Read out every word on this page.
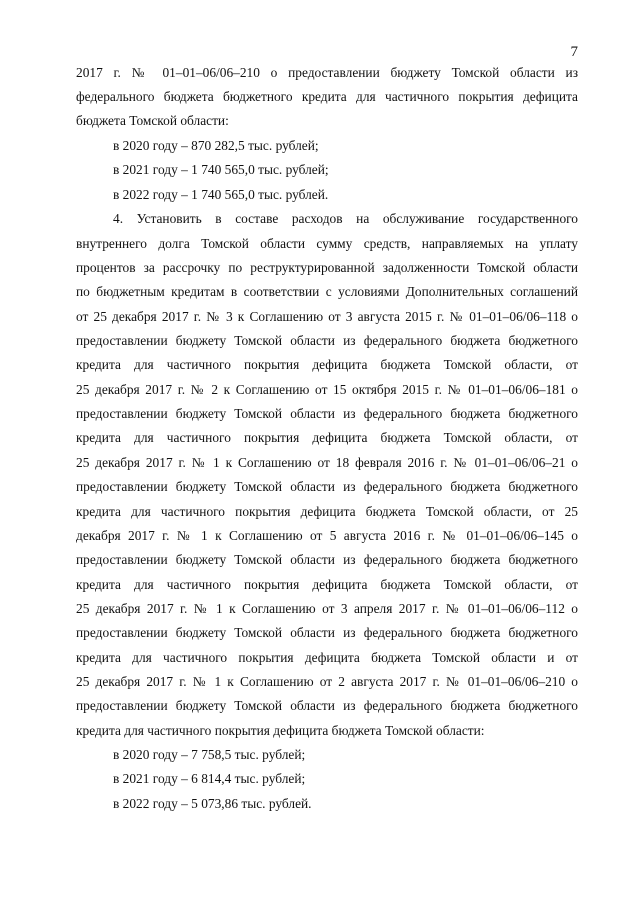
7
2017 г. № 01–01–06/06–210 о предоставлении бюджету Томской области из
федерального бюджета бюджетного кредита для частичного покрытия дефицита
бюджета Томской области:
в 2020 году – 870 282,5 тыс. рублей;
в 2021 году – 1 740 565,0 тыс. рублей;
в 2022 году – 1 740 565,0 тыс. рублей.
4. Установить в составе расходов на обслуживание государственного
внутреннего долга Томской области сумму средств, направляемых на уплату
процентов за рассрочку по реструктурированной задолженности Томской области
по бюджетным кредитам в соответствии с условиями Дополнительных соглашений
от 25 декабря 2017 г. № 3 к Соглашению от 3 августа 2015 г. № 01–01–06/06–118 о
предоставлении бюджету Томской области из федерального бюджета бюджетного
кредита для частичного покрытия дефицита бюджета Томской области, от
25 декабря 2017 г. № 2 к Соглашению от 15 октября 2015 г. № 01–01–06/06–181 о
предоставлении бюджету Томской области из федерального бюджета бюджетного
кредита для частичного покрытия дефицита бюджета Томской области, от
25 декабря 2017 г. № 1 к Соглашению от 18 февраля 2016 г. № 01–01–06/06–21 о
предоставлении бюджету Томской области из федерального бюджета бюджетного
кредита для частичного покрытия дефицита бюджета Томской области, от 25
декабря 2017 г. № 1 к Соглашению от 5 августа 2016 г. № 01–01–06/06–145 о
предоставлении бюджету Томской области из федерального бюджета бюджетного
кредита для частичного покрытия дефицита бюджета Томской области, от
25 декабря 2017 г. № 1 к Соглашению от 3 апреля 2017 г. № 01–01–06/06–112 о
предоставлении бюджету Томской области из федерального бюджета бюджетного
кредита для частичного покрытия дефицита бюджета Томской области и от
25 декабря 2017 г. № 1 к Соглашению от 2 августа 2017 г. № 01–01–06/06–210 о
предоставлении бюджету Томской области из федерального бюджета бюджетного
кредита для частичного покрытия дефицита бюджета Томской области:
в 2020 году – 7 758,5 тыс. рублей;
в 2021 году – 6 814,4 тыс. рублей;
в 2022 году – 5 073,86 тыс. рублей.
